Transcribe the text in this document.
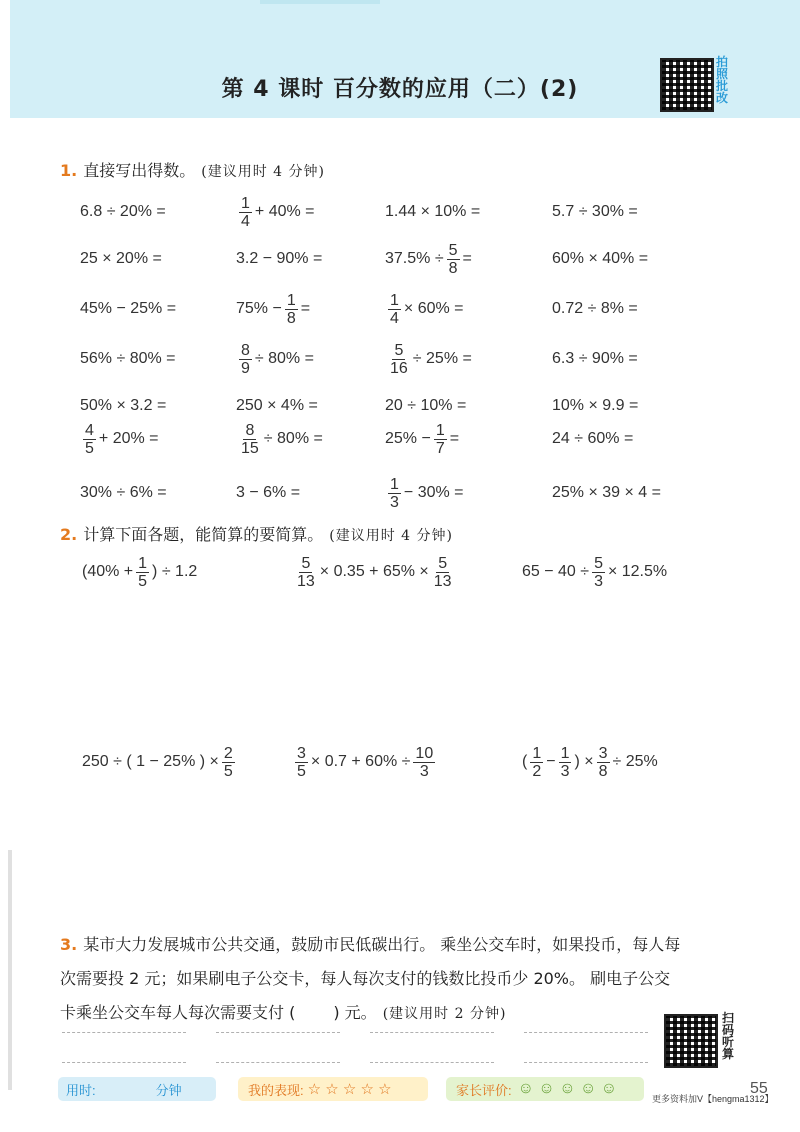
第 4 课时 百分数的应用（二）(2)
拍照批改
1. 直接写出得数。 (建议用时 4 分钟)
6.8 ÷ 20% =	$\frac{1}{4} + 40\%$ =	1.44 × 10% =	5.7 ÷ 30% =
25 × 20% =	3.2 − 90% =	$37.5\% \div \frac{5}{8}$ =	60% × 40% =
45% − 25% =	$75\% - \frac{1}{8}$ =	$\frac{1}{4} \times 60\%$ =	0.72 ÷ 8% =
56% ÷ 80% =	$\frac{8}{9} \div 80\%$ =	$\frac{5}{16} \div 25\%$ =	6.3 ÷ 90% =
50% × 3.2 =	250 × 4% =	20 ÷ 10% =	10% × 9.9 =
$\frac{4}{5} + 20\%$ =	$\frac{8}{15} \div 80\%$ =	$25\% - \frac{1}{7}$ =	24 ÷ 60% =
30% ÷ 6% =	3 − 6% =	$\frac{1}{3} - 30\%$ =	25% × 39 × 4 =
2. 计算下面各题，能简算的要简算。 (建议用时 4 分钟)
($40\% + \frac{1}{5}$ ) ÷ 1.2	$\frac{5}{13} \times 0.35 + 65\% \times \frac{5}{13}$	$65 - 40 \div \frac{5}{3} \times 12.5\%$
250 ÷ ( 1 − 25% ) × $\frac{2}{5}$	$\frac{3}{5} \times 0.7 + 60\% \div \frac{10}{3}$	( $\frac{1}{2} - \frac{1}{3}$ ) × $\frac{3}{8} \div 25\%$
3. 某市大力发展城市公共交通，鼓励市民低碳出行。 乘坐公交车时，如果投币，每人每
次需要投 2 元；如果刷电子公交卡，每人每次支付的钱数比投币少 20%。 刷电子公交
卡乘坐公交车每人每次需要支付 ( ) 元。 (建议用时 2 分钟)	扫码听算
用时:	分钟	我的表现: ☆ ☆ ☆ ☆ ☆	家长评价: ☺ ☺ ☺ ☺ ☺
更多资料加V【hengma1312】
55
